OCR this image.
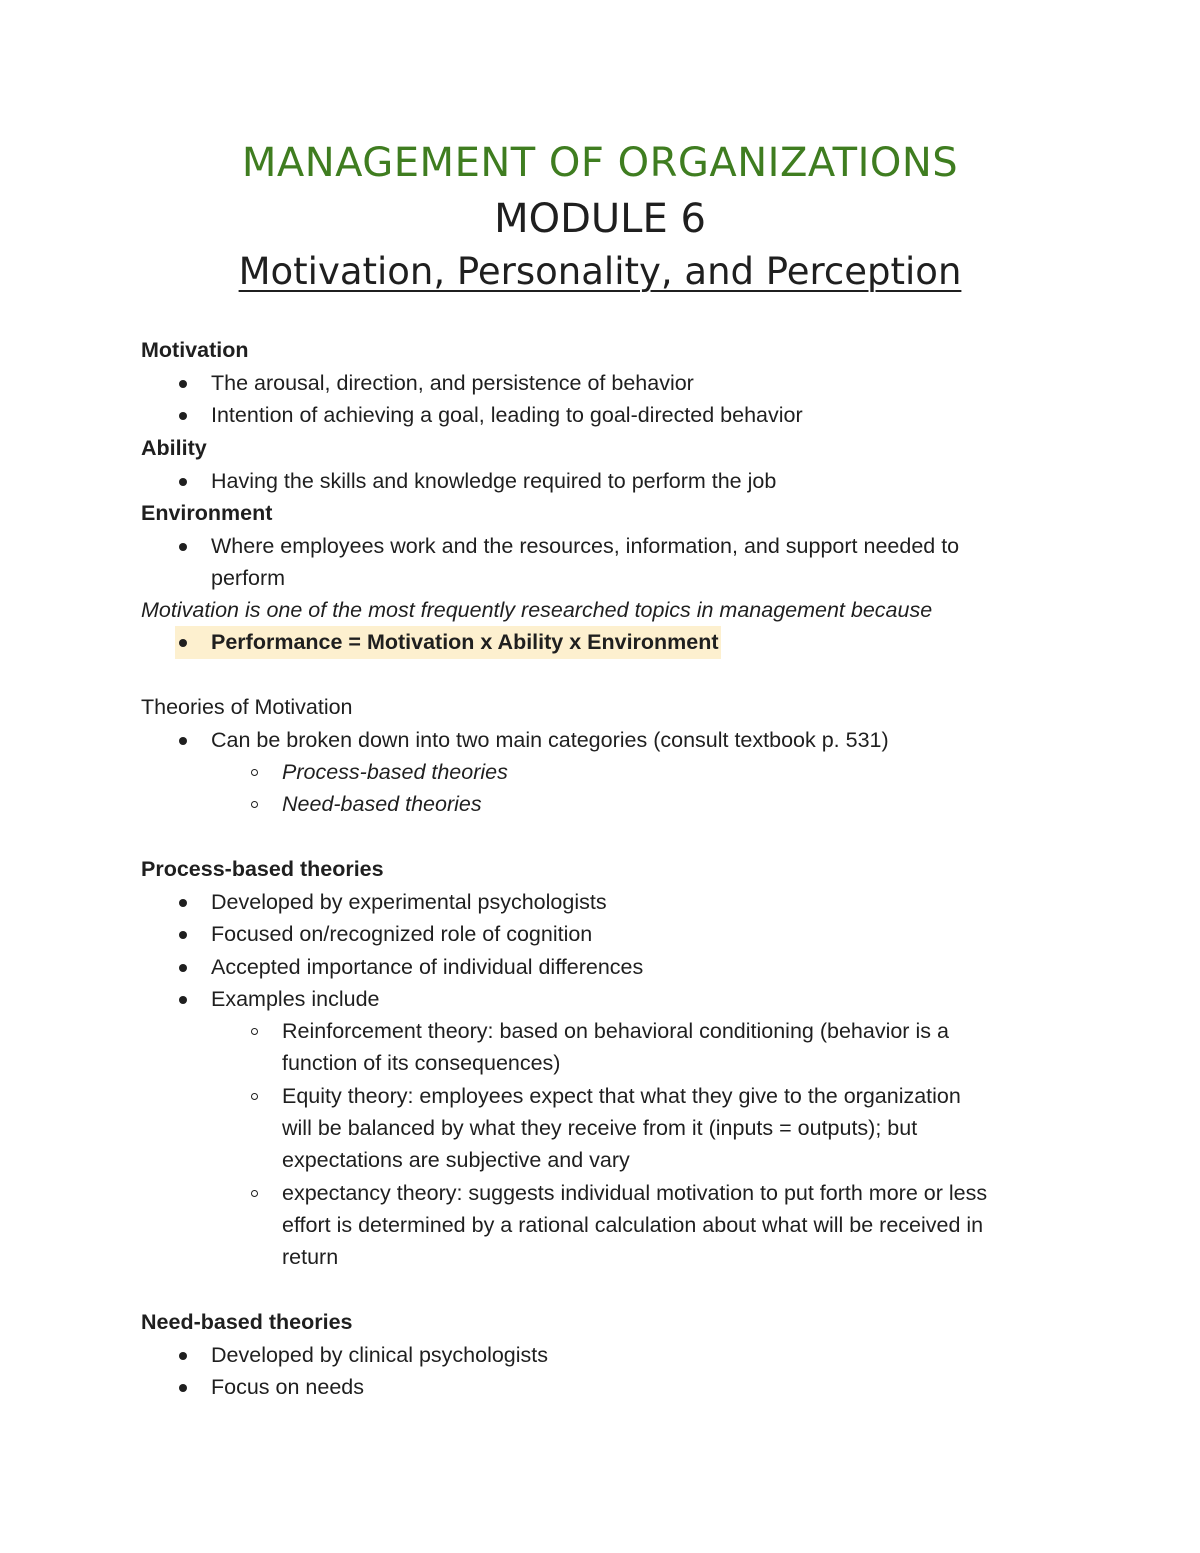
MANAGEMENT OF ORGANIZATIONS
MODULE 6
Motivation, Personality, and Perception
Motivation
The arousal, direction, and persistence of behavior
Intention of achieving a goal, leading to goal-directed behavior
Ability
Having the skills and knowledge required to perform the job
Environment
Where employees work and the resources, information, and support needed to
perform
Motivation is one of the most frequently researched topics in management because
Performance = Motivation x Ability x Environment
Theories of Motivation
Can be broken down into two main categories (consult textbook p. 531)
Process-based theories
Need-based theories
Process-based theories
Developed by experimental psychologists
Focused on/recognized role of cognition
Accepted importance of individual differences
Examples include
Reinforcement theory: based on behavioral conditioning (behavior is a
function of its consequences)
Equity theory: employees expect that what they give to the organization
will be balanced by what they receive from it (inputs = outputs); but
expectations are subjective and vary
expectancy theory: suggests individual motivation to put forth more or less
effort is determined by a rational calculation about what will be received in
return
Need-based theories
Developed by clinical psychologists
Focus on needs
